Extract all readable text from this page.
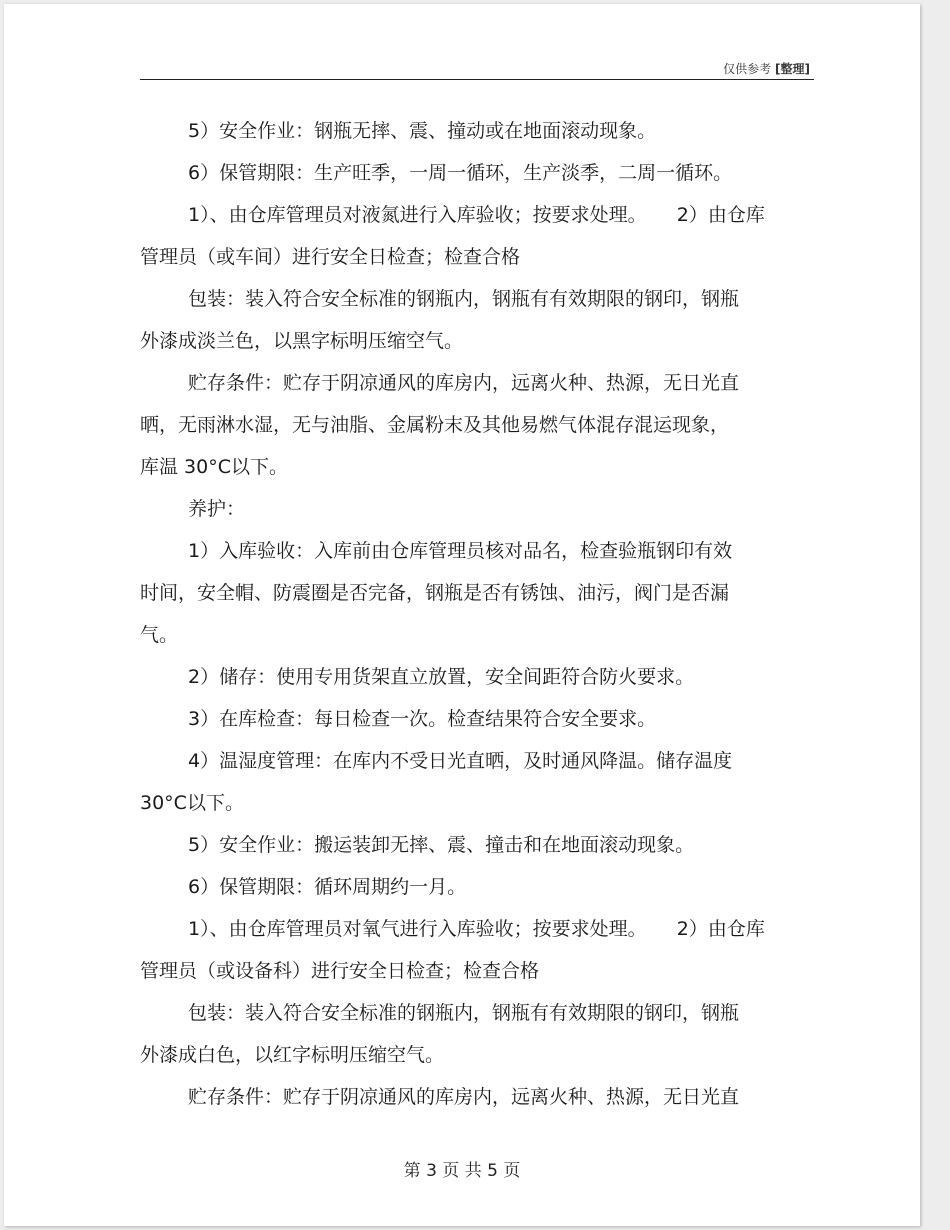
仅供参考 [整理]

5）安全作业：钢瓶无摔、震、撞动或在地面滚动现象。

6）保管期限：生产旺季，一周一循环，生产淡季，二周一循环。

1）、由仓库管理员对液氮进行入库验收；按要求处理。     2）由仓库

管理员（或车间）进行安全日检查；检查合格

包装：装入符合安全标准的钢瓶内，钢瓶有有效期限的钢印，钢瓶

外漆成淡兰色，以黑字标明压缩空气。

贮存条件：贮存于阴凉通风的库房内，远离火种、热源，无日光直

晒，无雨淋水湿，无与油脂、金属粉末及其他易燃气体混存混运现象，

库温 30°C以下。

养护：

1）入库验收：入库前由仓库管理员核对品名，检查验瓶钢印有效

时间，安全帽、防震圈是否完备，钢瓶是否有锈蚀、油污，阀门是否漏

气。

2）储存：使用专用货架直立放置，安全间距符合防火要求。

3）在库检查：每日检查一次。检查结果符合安全要求。

4）温湿度管理：在库内不受日光直晒，及时通风降温。储存温度

30°C以下。

5）安全作业：搬运装卸无摔、震、撞击和在地面滚动现象。

6）保管期限：循环周期约一月。

1）、由仓库管理员对氧气进行入库验收；按要求处理。     2）由仓库

管理员（或设备科）进行安全日检查；检查合格

包装：装入符合安全标准的钢瓶内，钢瓶有有效期限的钢印，钢瓶

外漆成白色，以红字标明压缩空气。

贮存条件：贮存于阴凉通风的库房内，远离火种、热源，无日光直

第 3 页 共 5 页
